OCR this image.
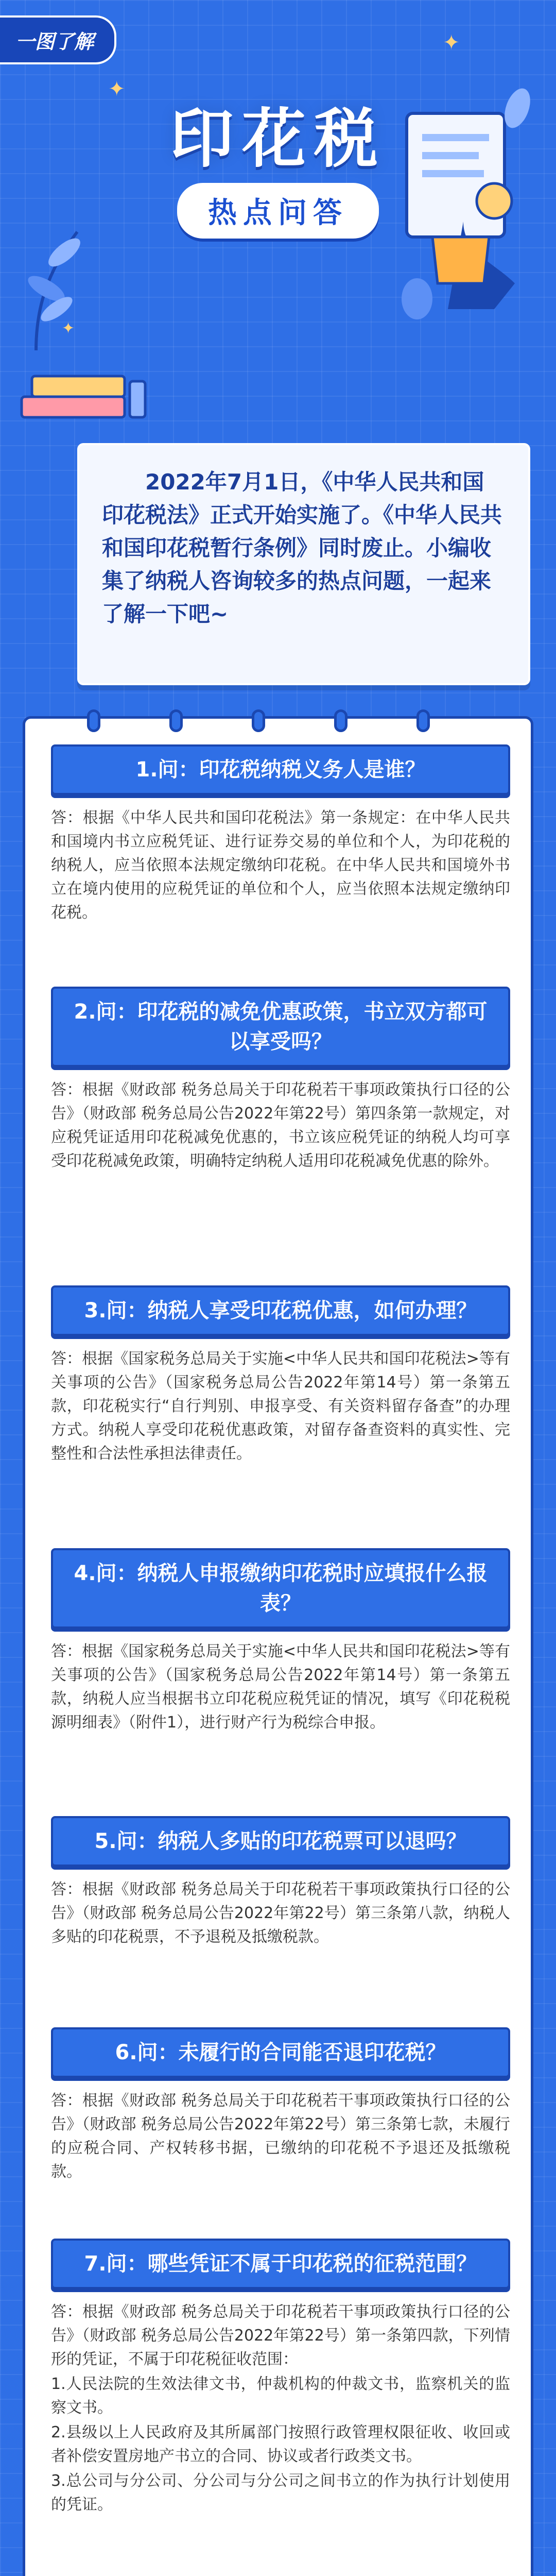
一图了解
印花税
热点问答
✦
✦
✦

2022年7月1日，《中华人民共和国印花税法》正式开始实施了。《中华人民共和国印花税暂行条例》同时废止。小编收集了纳税人咨询较多的热点问题，一起来了解一下吧~

1.问：印花税纳税义务人是谁？

答：根据《中华人民共和国印花税法》第一条规定：在中华人民共和国境内书立应税凭证、进行证券交易的单位和个人，为印花税的纳税人，应当依照本法规定缴纳印花税。在中华人民共和国境外书立在境内使用的应税凭证的单位和个人，应当依照本法规定缴纳印花税。

2.问：印花税的减免优惠政策，书立双方都可以享受吗？

答：根据《财政部 税务总局关于印花税若干事项政策执行口径的公告》（财政部 税务总局公告2022年第22号）第四条第一款规定，对应税凭证适用印花税减免优惠的，书立该应税凭证的纳税人均可享受印花税减免政策，明确特定纳税人适用印花税减免优惠的除外。

3.问：纳税人享受印花税优惠，如何办理？

答：根据《国家税务总局关于实施<中华人民共和国印花税法>等有关事项的公告》（国家税务总局公告2022年第14号）第一条第五款，印花税实行“自行判别、申报享受、有关资料留存备查”的办理方式。纳税人享受印花税优惠政策，对留存备查资料的真实性、完整性和合法性承担法律责任。

4.问：纳税人申报缴纳印花税时应填报什么报表？

答：根据《国家税务总局关于实施<中华人民共和国印花税法>等有关事项的公告》（国家税务总局公告2022年第14号）第一条第五款，纳税人应当根据书立印花税应税凭证的情况，填写《印花税税源明细表》（附件1），进行财产行为税综合申报。

5.问：纳税人多贴的印花税票可以退吗？

答：根据《财政部 税务总局关于印花税若干事项政策执行口径的公告》（财政部 税务总局公告2022年第22号）第三条第八款，纳税人多贴的印花税票，不予退税及抵缴税款。

6.问：未履行的合同能否退印花税？

答：根据《财政部 税务总局关于印花税若干事项政策执行口径的公告》（财政部 税务总局公告2022年第22号）第三条第七款，未履行的应税合同、产权转移书据，已缴纳的印花税不予退还及抵缴税款。

7.问：哪些凭证不属于印花税的征税范围？

答：根据《财政部 税务总局关于印花税若干事项政策执行口径的公告》（财政部 税务总局公告2022年第22号）第一条第四款，下列情形的凭证，不属于印花税征收范围：

1.人民法院的生效法律文书，仲裁机构的仲裁文书，监察机关的监察文书。

2.县级以上人民政府及其所属部门按照行政管理权限征收、收回或者补偿安置房地产书立的合同、协议或者行政类文书。

3.总公司与分公司、分公司与分公司之间书立的作为执行计划使用的凭证。
